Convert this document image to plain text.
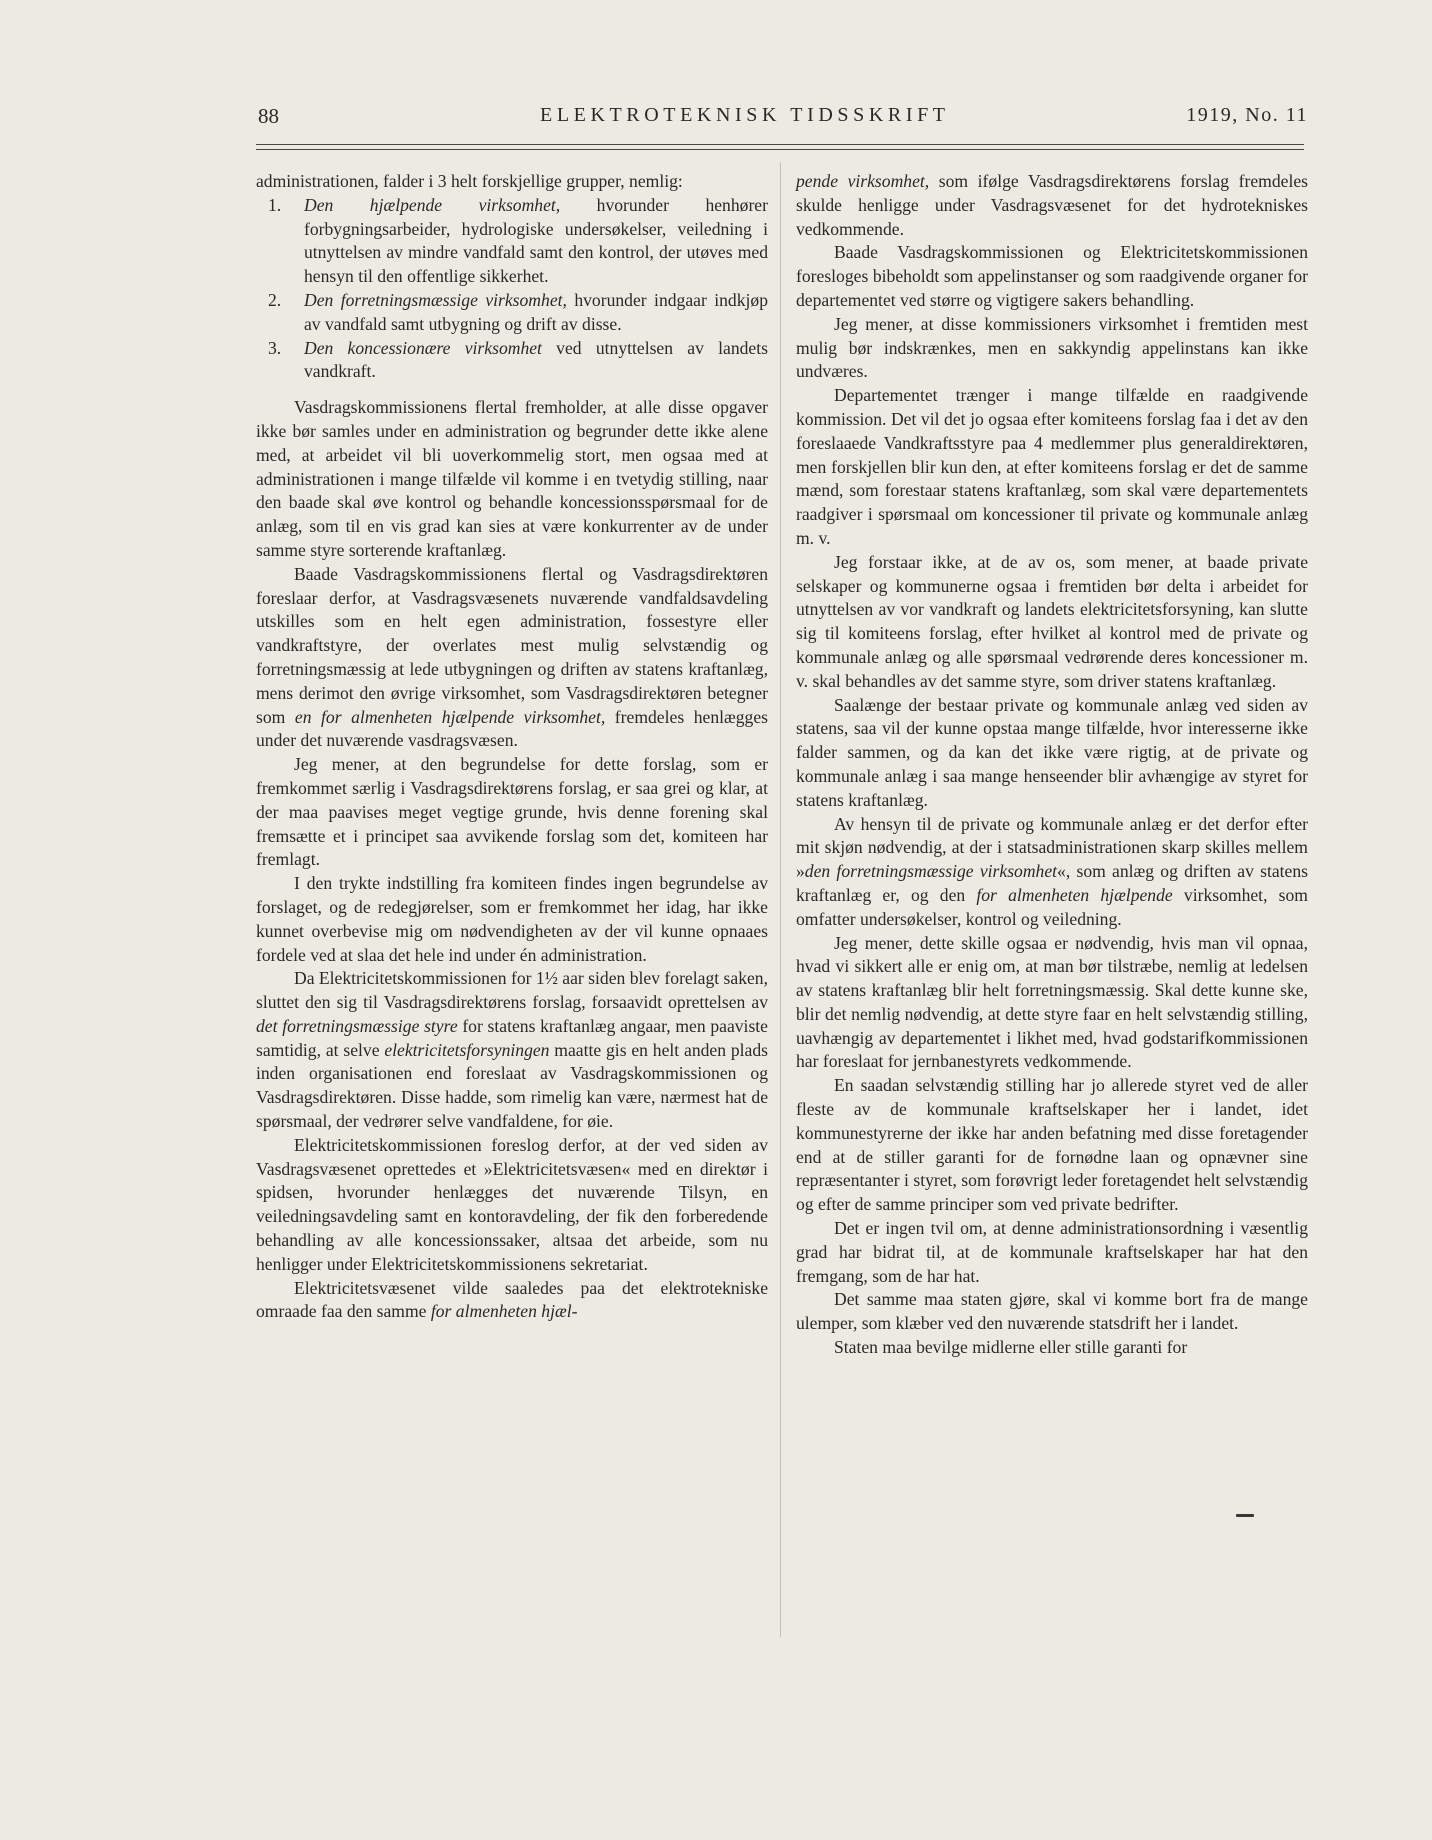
88	ELEKTROTEKNISK TIDSSKRIFT	1919, No. 11

administrationen, falder i 3 helt forskjellige grupper, nemlig:

1. Den hjælpende virksomhet, hvorunder henhører forbygningsarbeider, hydrologiske undersøkelser, veiledning i utnyttelsen av mindre vandfald samt den kontrol, der utøves med hensyn til den offentlige sikkerhet.
2. Den forretningsmæssige virksomhet, hvorunder indgaar indkjøp av vandfald samt utbygning og drift av disse.
3. Den koncessionære virksomhet ved utnyttelsen av landets vandkraft.

Vasdragskommissionens flertal fremholder, at alle disse opgaver ikke bør samles under en administration og begrunder dette ikke alene med, at arbeidet vil bli uoverkommelig stort, men ogsaa med at administrationen i mange tilfælde vil komme i en tvetydig stilling, naar den baade skal øve kontrol og behandle koncessionsspørsmaal for de anlæg, som til en vis grad kan sies at være konkurrenter av de under samme styre sorterende kraftanlæg.

Baade Vasdragskommissionens flertal og Vasdragsdirektøren foreslaar derfor, at Vasdragsvæsenets nuværende vandfaldsavdeling utskilles som en helt egen administration, fossestyre eller vandkraftstyre, der overlates mest mulig selvstændig og forretningsmæssig at lede utbygningen og driften av statens kraftanlæg, mens derimot den øvrige virksomhet, som Vasdragsdirektøren betegner som en for almenheten hjælpende virksomhet, fremdeles henlægges under det nuværende vasdragsvæsen.

Jeg mener, at den begrundelse for dette forslag, som er fremkommet særlig i Vasdragsdirektørens forslag, er saa grei og klar, at der maa paavises meget vegtige grunde, hvis denne forening skal fremsætte et i principet saa avvikende forslag som det, komiteen har fremlagt.

I den trykte indstilling fra komiteen findes ingen begrundelse av forslaget, og de redegjørelser, som er fremkommet her idag, har ikke kunnet overbevise mig om nødvendigheten av der vil kunne opnaaes fordele ved at slaa det hele ind under én administration.

Da Elektricitetskommissionen for 1½ aar siden blev forelagt saken, sluttet den sig til Vasdragsdirektørens forslag, forsaavidt oprettelsen av det forretningsmæssige styre for statens kraftanlæg angaar, men paaviste samtidig, at selve elektricitetsforsyningen maatte gis en helt anden plads inden organisationen end foreslaat av Vasdragskommissionen og Vasdragsdirektøren. Disse hadde, som rimelig kan være, nærmest hat de spørsmaal, der vedrører selve vandfaldene, for øie.

Elektricitetskommissionen foreslog derfor, at der ved siden av Vasdragsvæsenet oprettedes et »Elektricitetsvæsen« med en direktør i spidsen, hvorunder henlægges det nuværende Tilsyn, en veiledningsavdeling samt en kontoravdeling, der fik den forberedende behandling av alle koncessionssaker, altsaa det arbeide, som nu henligger under Elektricitetskommissionens sekretariat.

Elektricitetsvæsenet vilde saaledes paa det elektrotekniske omraade faa den samme for almenheten hjæl-

pende virksomhet, som ifølge Vasdragsdirektørens forslag fremdeles skulde henligge under Vasdragsvæsenet for det hydrotekniskes vedkommende.

Baade Vasdragskommissionen og Elektricitetskommissionen foresloges bibeholdt som appelinstanser og som raadgivende organer for departementet ved større og vigtigere sakers behandling.

Jeg mener, at disse kommissioners virksomhet i fremtiden mest mulig bør indskrænkes, men en sakkyndig appelinstans kan ikke undværes.

Departementet trænger i mange tilfælde en raadgivende kommission. Det vil det jo ogsaa efter komiteens forslag faa i det av den foreslaaede Vandkraftsstyre paa 4 medlemmer plus generaldirektøren, men forskjellen blir kun den, at efter komiteens forslag er det de samme mænd, som forestaar statens kraftanlæg, som skal være departementets raadgiver i spørsmaal om koncessioner til private og kommunale anlæg m. v.

Jeg forstaar ikke, at de av os, som mener, at baade private selskaper og kommunerne ogsaa i fremtiden bør delta i arbeidet for utnyttelsen av vor vandkraft og landets elektricitetsforsyning, kan slutte sig til komiteens forslag, efter hvilket al kontrol med de private og kommunale anlæg og alle spørsmaal vedrørende deres koncessioner m. v. skal behandles av det samme styre, som driver statens kraftanlæg.

Saalænge der bestaar private og kommunale anlæg ved siden av statens, saa vil der kunne opstaa mange tilfælde, hvor interesserne ikke falder sammen, og da kan det ikke være rigtig, at de private og kommunale anlæg i saa mange henseender blir avhængige av styret for statens kraftanlæg.

Av hensyn til de private og kommunale anlæg er det derfor efter mit skjøn nødvendig, at der i statsadministrationen skarp skilles mellem »den forretningsmæssige virksomhet«, som anlæg og driften av statens kraftanlæg er, og den for almenheten hjælpende virksomhet, som omfatter undersøkelser, kontrol og veiledning.

Jeg mener, dette skille ogsaa er nødvendig, hvis man vil opnaa, hvad vi sikkert alle er enig om, at man bør tilstræbe, nemlig at ledelsen av statens kraftanlæg blir helt forretningsmæssig. Skal dette kunne ske, blir det nemlig nødvendig, at dette styre faar en helt selvstændig stilling, uavhængig av departementet i likhet med, hvad godstarifkommissionen har foreslaat for jernbanestyrets vedkommende.

En saadan selvstændig stilling har jo allerede styret ved de aller fleste av de kommunale kraftselskaper her i landet, idet kommunestyrerne der ikke har anden befatning med disse foretagender end at de stiller garanti for de fornødne laan og opnævner sine repræsentanter i styret, som forøvrigt leder foretagendet helt selvstændig og efter de samme principer som ved private bedrifter.

Det er ingen tvil om, at denne administrationsordning i væsentlig grad har bidrat til, at de kommunale kraftselskaper har hat den fremgang, som de har hat.

Det samme maa staten gjøre, skal vi komme bort fra de mange ulemper, som klæber ved den nuværende statsdrift her i landet.

Staten maa bevilge midlerne eller stille garanti for
